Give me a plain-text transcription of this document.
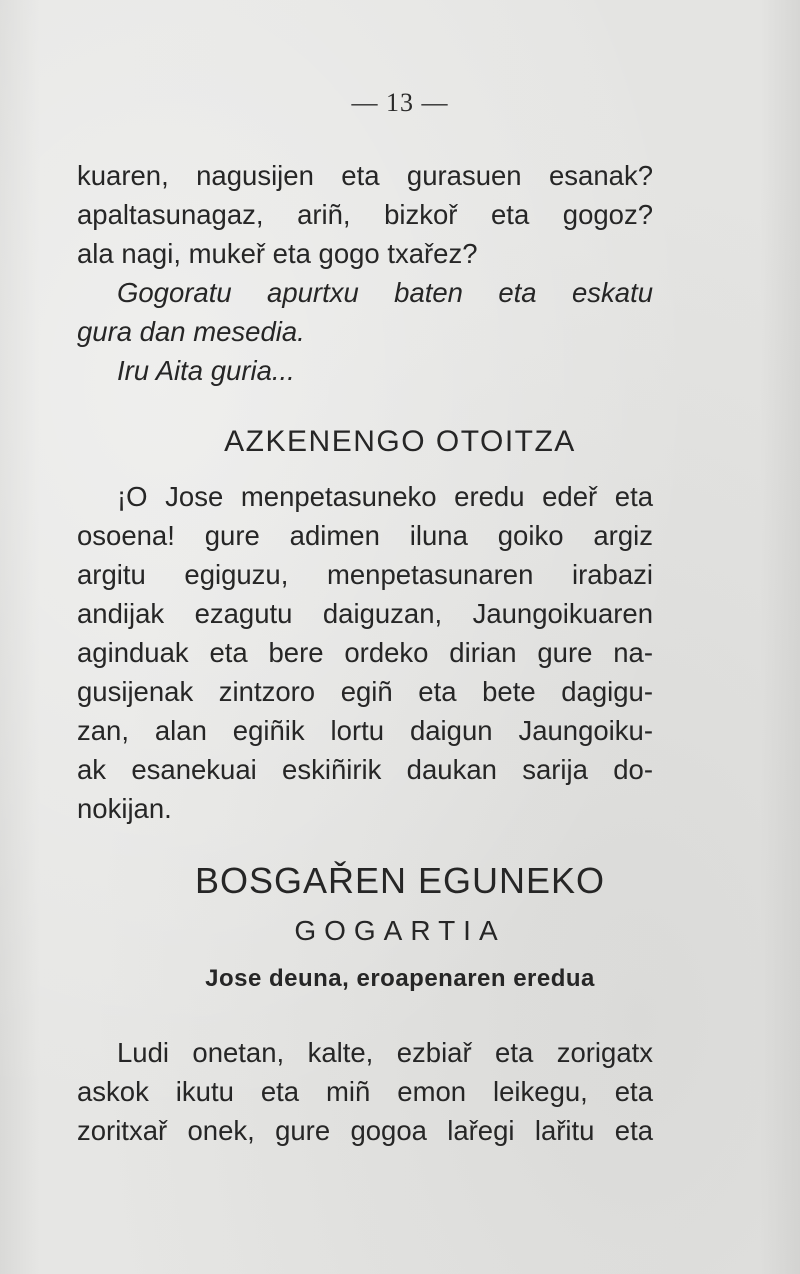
— 13 —
kuaren, nagusijen eta gurasuen esanak?
apaltasunagaz, ariñ, bizkoř eta gogoz?
ala nagi, mukeř eta gogo txařez?
Gogoratu apurtxu baten eta eskatu
gura dan mesedia.
Iru Aita guria...
AZKENENGO OTOITZA
¡O Jose menpetasuneko eredu edeř eta
osoena! gure adimen iluna goiko argiz
argitu egiguzu, menpetasunaren irabazi
andijak ezagutu daiguzan, Jaungoikuaren
aginduak eta bere ordeko dirian gure na-
gusijenak zintzoro egiñ eta bete dagigu-
zan, alan egiñik lortu daigun Jaungoiku-
ak esanekuai eskiñirik daukan sarija do-
nokijan.
BOSGAŘEN EGUNEKO
GOGARTIA
Jose deuna, eroapenaren eredua
Ludi onetan, kalte, ezbiař eta zorigatx
askok ikutu eta miñ emon leikegu, eta
zoritxař onek, gure gogoa lařegi lařitu eta
